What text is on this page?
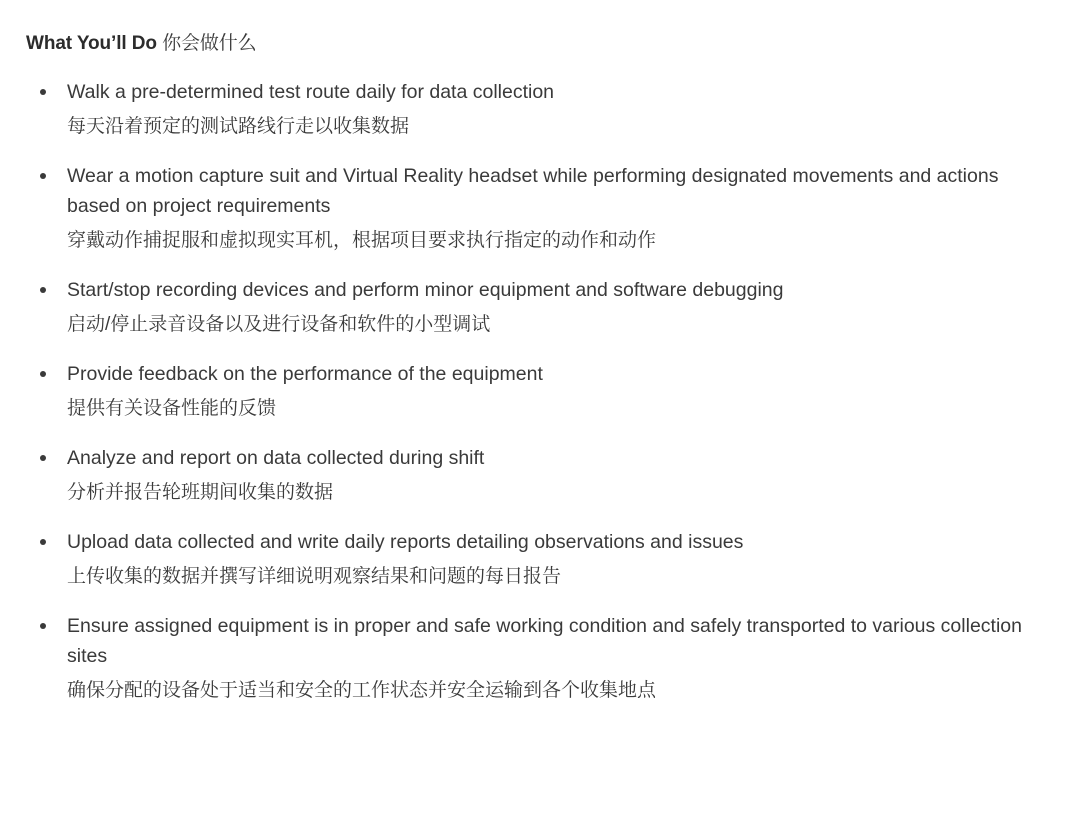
What You’ll Do 你会做什么

Walk a pre-determined test route daily for data collection

每天沿着预定的测试路线行走以收集数据

Wear a motion capture suit and Virtual Reality headset while performing designated movements and actions based on project requirements

穿戴动作捕捉服和虚拟现实耳机，根据项目要求执行指定的动作和动作

Start/stop recording devices and perform minor equipment and software debugging

启动/停止录音设备以及进行设备和软件的小型调试

Provide feedback on the performance of the equipment

提供有关设备性能的反馈

Analyze and report on data collected during shift

分析并报告轮班期间收集的数据

Upload data collected and write daily reports detailing observations and issues

上传收集的数据并撰写详细说明观察结果和问题的每日报告

Ensure assigned equipment is in proper and safe working condition and safely transported to various collection sites

确保分配的设备处于适当和安全的工作状态并安全运输到各个收集地点
